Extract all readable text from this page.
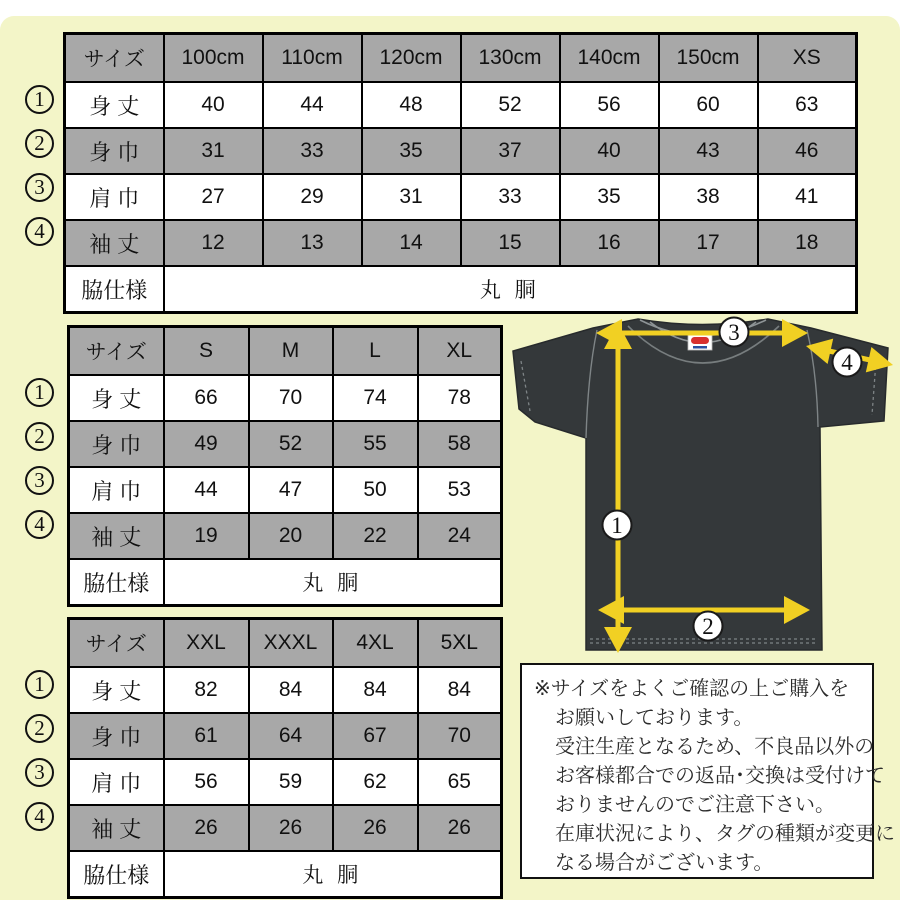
サイズ	100cm	110cm	120cm	130cm	140cm	150cm	XS
身 丈	40	44	48	52	56	60	63
身 巾	31	33	35	37	40	43	46
肩 巾	27	29	31	33	35	38	41
袖 丈	12	13	14	15	16	17	18
脇仕様	丸 胴						
サイズ	S	M	L	XL
身 丈	66	70	74	78
身 巾	49	52	55	58
肩 巾	44	47	50	53
袖 丈	19	20	22	24
脇仕様	丸 胴			
サイズ	XXL	XXXL	4XL	5XL
身 丈	82	84	84	84
身 巾	61	64	67	70
肩 巾	56	59	62	65
袖 丈	26	26	26	26
脇仕様	丸 胴			
1
2
3
4
1
2
3
4
1
2
3
4
3
4
1
2
※サイズをよくご確認の上ご購入を
お願いしております。
受注生産となるため、不良品以外の
お客様都合での返品･交換は受付けて
おりませんのでご注意下さい。
在庫状況により、タグの種類が変更に
なる場合がございます。
